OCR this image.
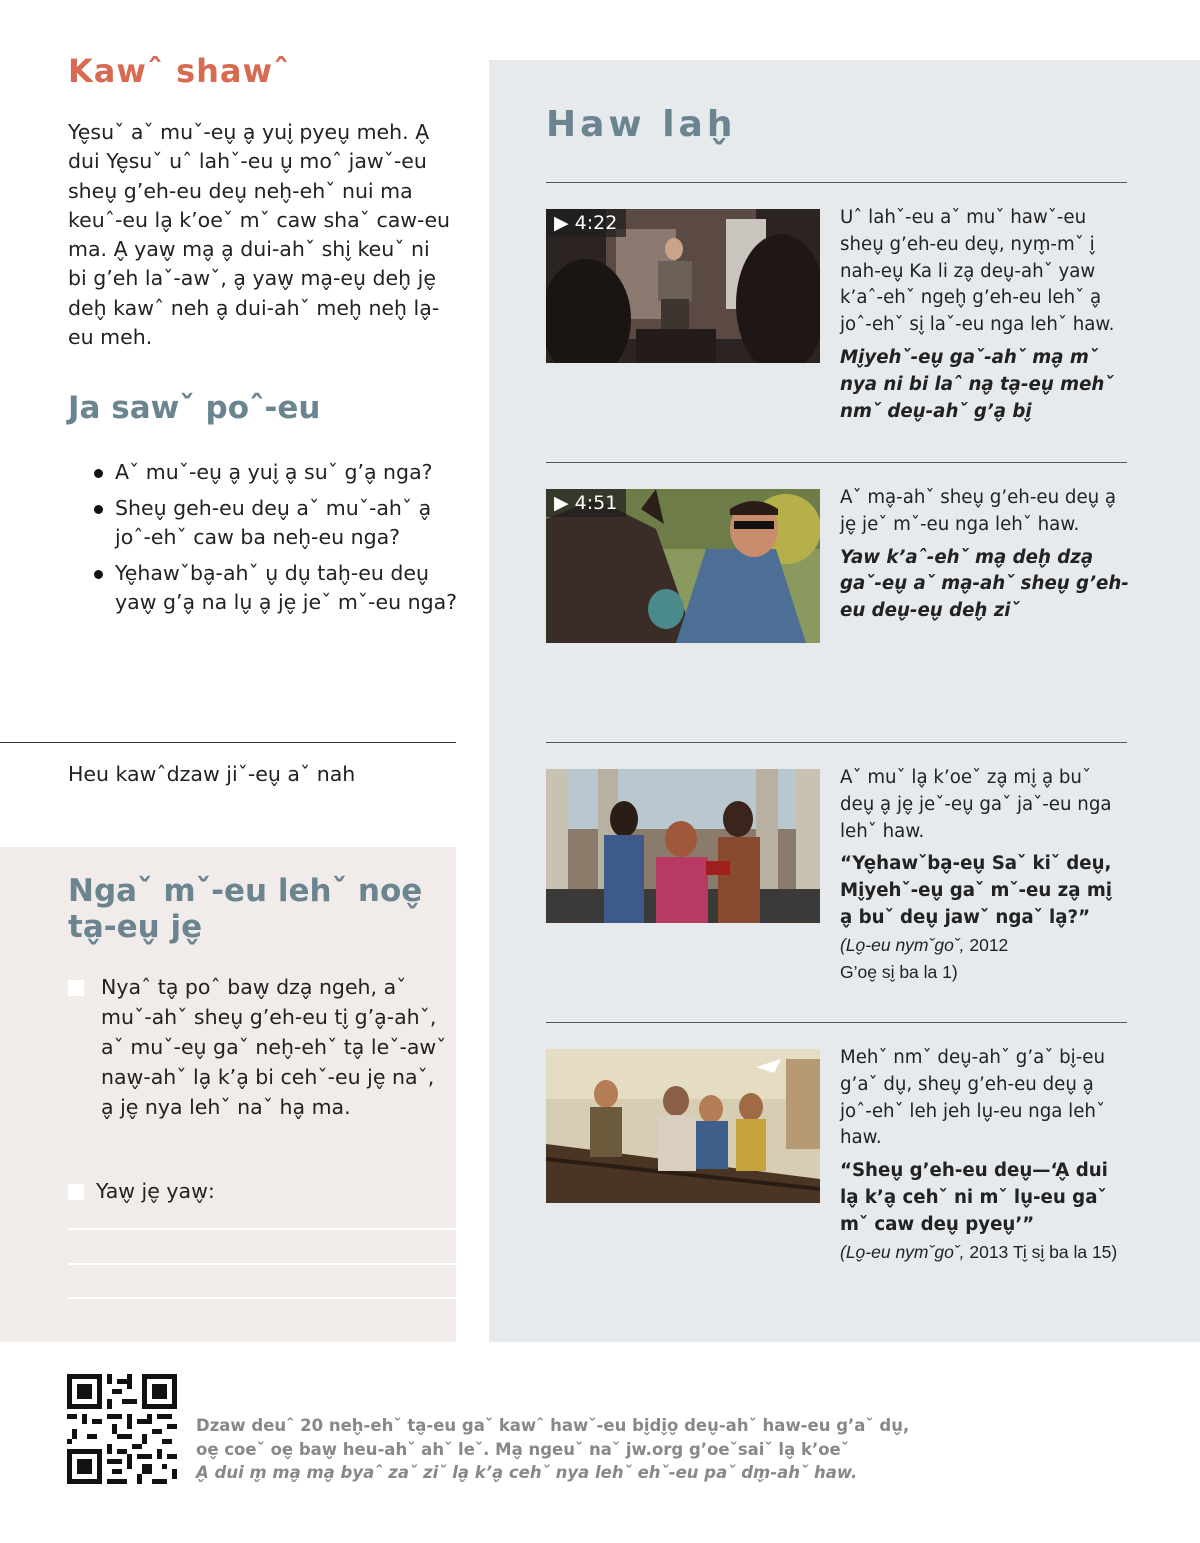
Kawˆ shawˆ

Ye̬suˇ aˇ muˇ-eu̬ a̬ yui̬ pyeu̬ meh. A̬ dui Ye̬suˇ uˆ lahˇ-eu u̬ moˆ jawˇ-eu sheu̬ g’eh-eu deu̬ neh̬-ehˇ nui ma keuˆ-eu la̬ k’oeˇ mˇ caw shaˇ caw-eu ma. A̬ yaw̬ ma̬ a̬ dui-ahˇ shi̬ keuˇ ni bi g’eh laˇ-awˇ, a̬ yaw̬ ma̬-eu̬ deh̬ je̬ deh̬ kawˆ neh a̬ dui-ahˇ meh̬ neh̬ la̬-eu meh.

Ja sawˇ poˆ-eu
Aˇ muˇ-eu̬ a̬ yui̬ a̬ suˇ g’a̬ nga?
Sheu̬ geh-eu deu̬ aˇ muˇ-ahˇ a̬ joˆ-ehˇ caw ba neh̬-eu nga?
Ye̬hawˇba̬-ahˇ u̬ du̬ tah̬-eu deu̬ yaw̬ g’a̬ na lu̬ a̬ je̬ jeˇ mˇ-eu nga?

Heu kawˆdzaw jiˇ-eu̬ aˇ nah

Ngaˇ mˇ-eu lehˇ noe̬ ta̬-eu̬ je̬
Nyaˆ ta̬ poˆ baw̬ dza̬ ngeh, aˇ muˇ-ahˇ sheu̬ g’eh-eu ti̬ g’a̬-ahˇ, aˇ muˇ-eu̬ gaˇ neh̬-ehˇ ta̬ leˇ-awˇ naw̬-ahˇ la̬ k’a̬ bi cehˇ-eu je̬ naˇ, a̬ je̬ nya lehˇ naˇ ha̬ ma.
Yaw̬ je̬ yaw̬:
Haw lah̬
▶ 4:22	Uˆ lahˇ-eu aˇ muˇ hawˇ-eu sheu̬ g’eh-eu deu̬, nym̬-mˇ i̬ nah-eu̬ Ka li za̬ deu̬-ahˇ yaw k’aˆ-ehˇ ngeh̬ g’eh-eu lehˇ a̬ joˆ-ehˇ si̬ laˇ-eu nga lehˇ haw.

Mi̬yehˇ-eu̬ gaˇ-ahˇ ma̬ mˇ nya ni bi laˆ na̬ ta̬-eu̬ mehˇ nmˇ deu̬-ahˇ g’a̬ bi̬

▶ 4:51	Aˇ ma̬-ahˇ sheu̬ g’eh-eu deu̬ a̬ je̬ jeˇ mˇ-eu nga lehˇ haw.

Yaw k’aˆ-ehˇ ma̬ deh̬ dza̬ gaˇ-eu̬ aˇ ma̬-ahˇ sheu̬ g’eh-eu deu̬-eu̬ deh̬ ziˇ

Aˇ muˇ la̬ k’oeˇ za̬ mi̬ a̬ buˇ deu̬ a̬ je̬ jeˇ-eu̬ gaˇ jaˇ-eu nga lehˇ haw.

“Ye̬hawˇba̬-eu̬ Saˇ kiˇ deu̬, Mi̬yehˇ-eu̬ gaˇ mˇ-eu za̬ mi̬ a̬ buˇ deu̬ jawˇ ngaˇ la̬?”

(Lo̬-eu nymˇgoˇ, 2012

G’oe̬ si̬ ba la 1)

Mehˇ nmˇ deu̬-ahˇ g’aˇ bi̬-eu g’aˇ du̬, sheu̬ g’eh-eu deu̬ a̬ joˆ-ehˇ leh jeh lu̬-eu nga lehˇ haw.

“Sheu̬ g’eh-eu deu̬—‘A̬ dui la̬ k’a̬ cehˇ ni mˇ lu̬-eu gaˇ mˇ caw deu̬ pyeu̬’”

(Lo̬-eu nymˇgoˇ, 2013 Ti̬ si̬ ba la 15)

Dzaw deuˆ 20 neh̬-ehˇ ta̬-eu gaˇ kawˆ hawˇ-eu bi̬di̬o̬ deu̬-ahˇ haw-eu g’aˇ du̬,
oe̬ coeˇ oe̬ baw̬ heu-ahˇ ahˇ leˇ. Ma̬ ngeuˇ naˇ jw.org g’oeˇsaiˇ la̬ k’oeˇ
A̬ dui m̬ ma̬ ma̬ byaˆ zaˇ ziˇ la̬ k’a̬ cehˇ nya lehˇ ehˇ-eu paˇ dm̬-ahˇ haw.
